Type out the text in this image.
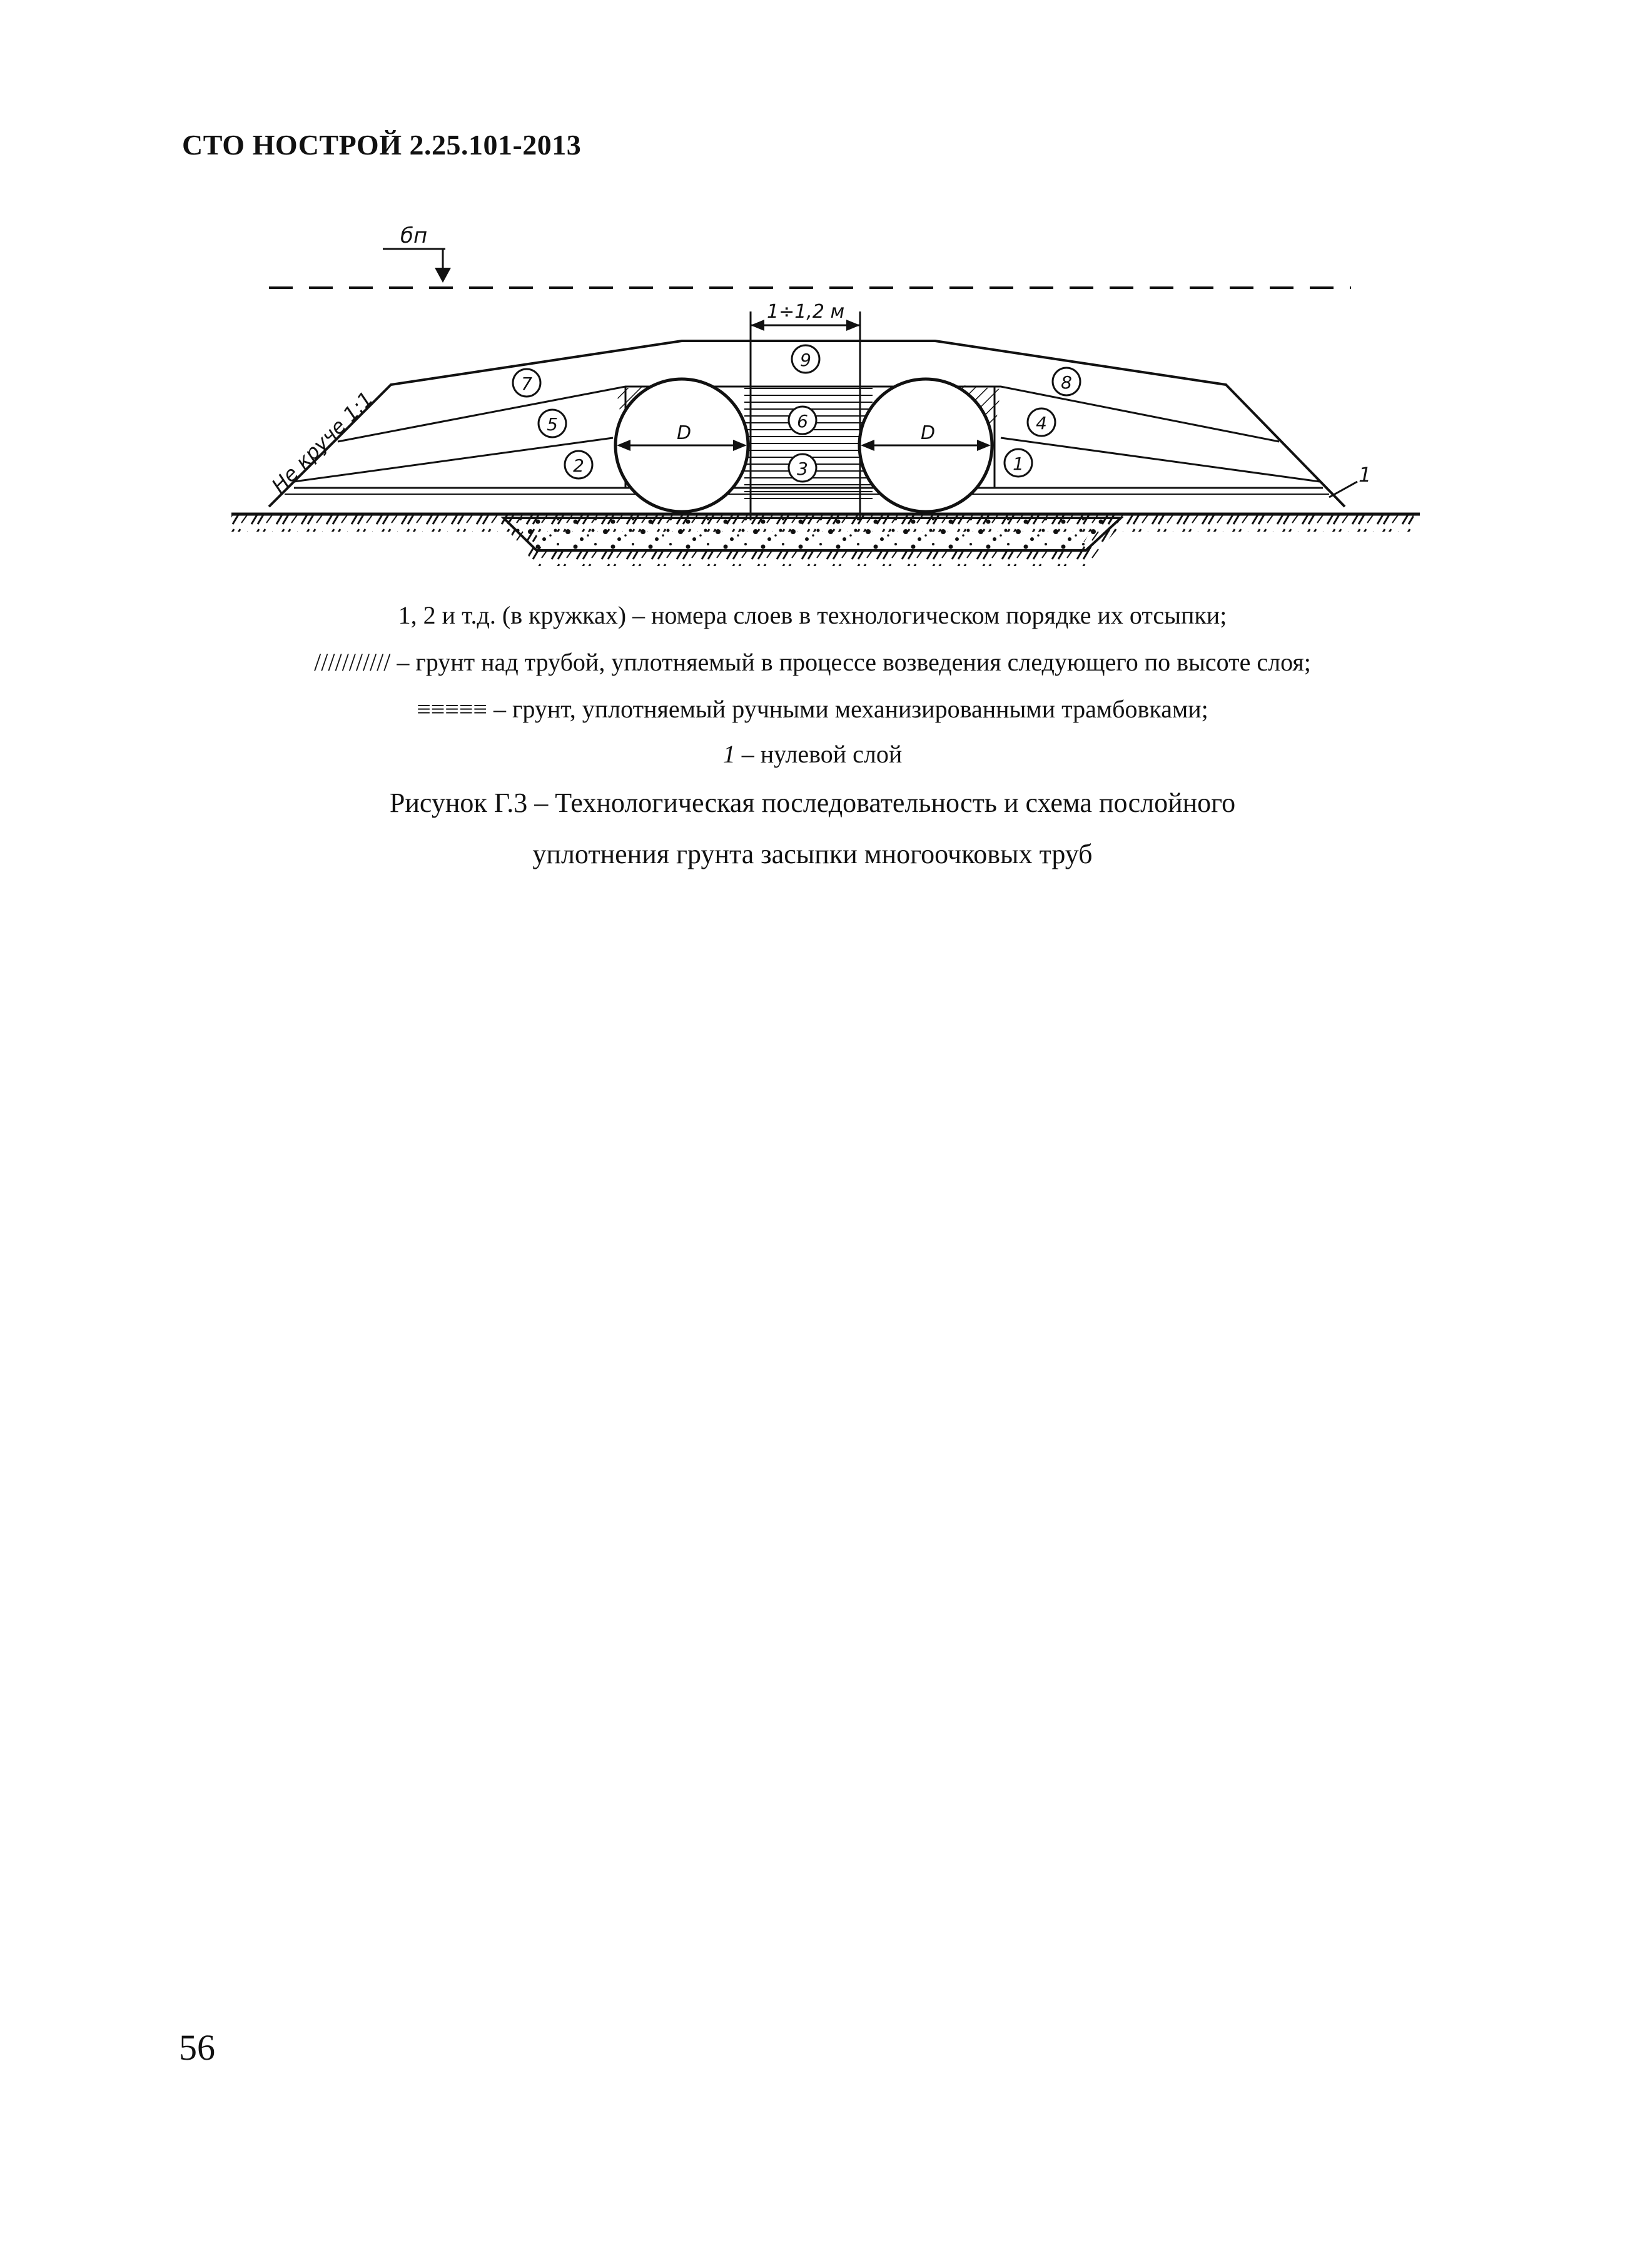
СТО НОСТРОЙ 2.25.101-2013
бп
1÷1,2 м
D	D
Не круче 1:1	1
1
2	3
4
5	6
7	8
9
1, 2 и т.д. (в кружках) – номера слоев в технологическом порядке их отсыпки;
/////////// – грунт над трубой, уплотняемый в процессе возведения следующего по высоте слоя;
≡≡≡≡≡ – грунт, уплотняемый ручными механизированными трамбовками;
1 – нулевой слой
Рисунок Г.3 – Технологическая последовательность и схема послойного
уплотнения грунта засыпки многоочковых труб
56
